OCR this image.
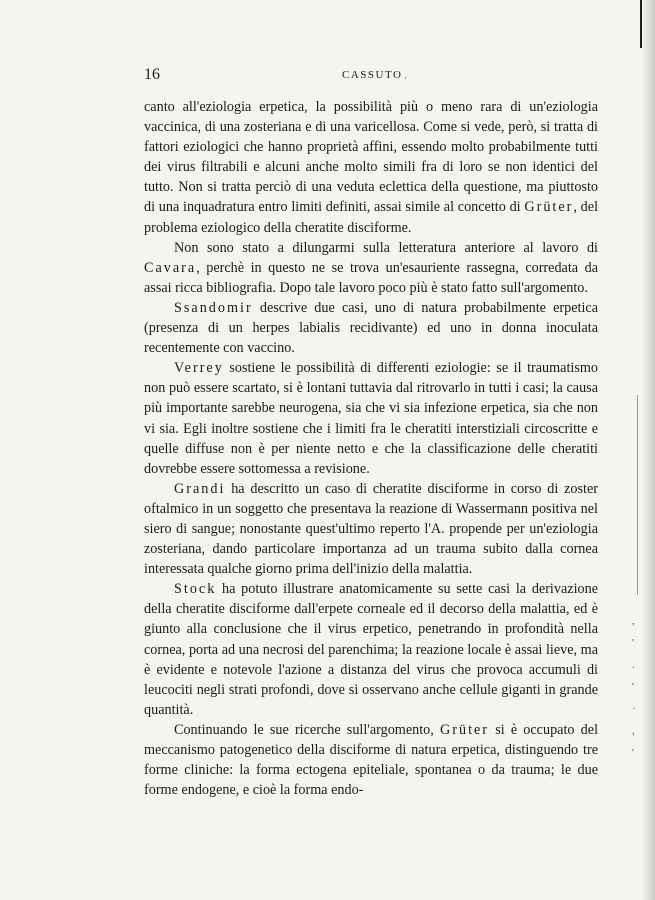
,
'
.
'
·
,
'
16	CASSUTO ‚

canto all'eziologia erpetica, la possibilità più o meno rara di un'eziologia vaccinica, di una zosteriana e di una varicellosa. Come si vede, però, si tratta di fattori eziologici che hanno proprietà affini, essendo molto probabilmente tutti dei virus filtrabili e alcuni anche molto simili fra di loro se non identici del tutto. Non si tratta perciò di una veduta eclettica della questione, ma piuttosto di una inquadratura entro limiti definiti, assai simile al concetto di Grüter, del problema eziologico della cheratite disciforme.

Non sono stato a dilungarmi sulla letteratura anteriore al lavoro di Cavara, perchè in questo ne se trova un'esauriente rassegna, corredata da assai ricca bibliografia. Dopo tale lavoro poco più è stato fatto sull'argomento.

Ssandomir descrive due casi, uno di natura probabilmente erpetica (presenza di un herpes labialis recidivante) ed uno in donna inoculata recentemente con vaccino.

Verrey sostiene le possibilità di differenti eziologie: se il traumatismo non può essere scartato, si è lontani tuttavia dal ritrovarlo in tutti i casi; la causa più importante sarebbe neurogena, sia che vi sia infezione erpetica, sia che non vi sia. Egli inoltre sostiene che i limiti fra le cheratiti interstiziali circoscritte e quelle diffuse non è per niente netto e che la classificazione delle cheratiti dovrebbe essere sottomessa a revisione.

Grandi ha descritto un caso di cheratite disciforme in corso di zoster oftalmico in un soggetto che presentava la reazione di Wassermann positiva nel siero di sangue; nonostante quest'ultimo reperto l'A. propende per un'eziologia zosteriana, dando particolare importanza ad un trauma subito dalla cornea interessata qualche giorno prima dell'inizio della malattia.

Stock ha potuto illustrare anatomicamente su sette casi la derivazione della cheratite disciforme dall'erpete corneale ed il decorso della malattia, ed è giunto alla conclusione che il virus erpetico, penetrando in profondità nella cornea, porta ad una necrosi del parenchima; la reazione locale è assai lieve, ma è evidente e notevole l'azione a distanza del virus che provoca accumuli di leucociti negli strati profondi, dove si osservano anche cellule giganti in grande quantità.

Continuando le sue ricerche sull'argomento, Grüter si è occupato del meccanismo patogenetico della disciforme di natura erpetica, distinguendo tre forme cliniche: la forma ectogena epiteliale, spontanea o da trauma; le due forme endogene, e cioè la forma endo-
